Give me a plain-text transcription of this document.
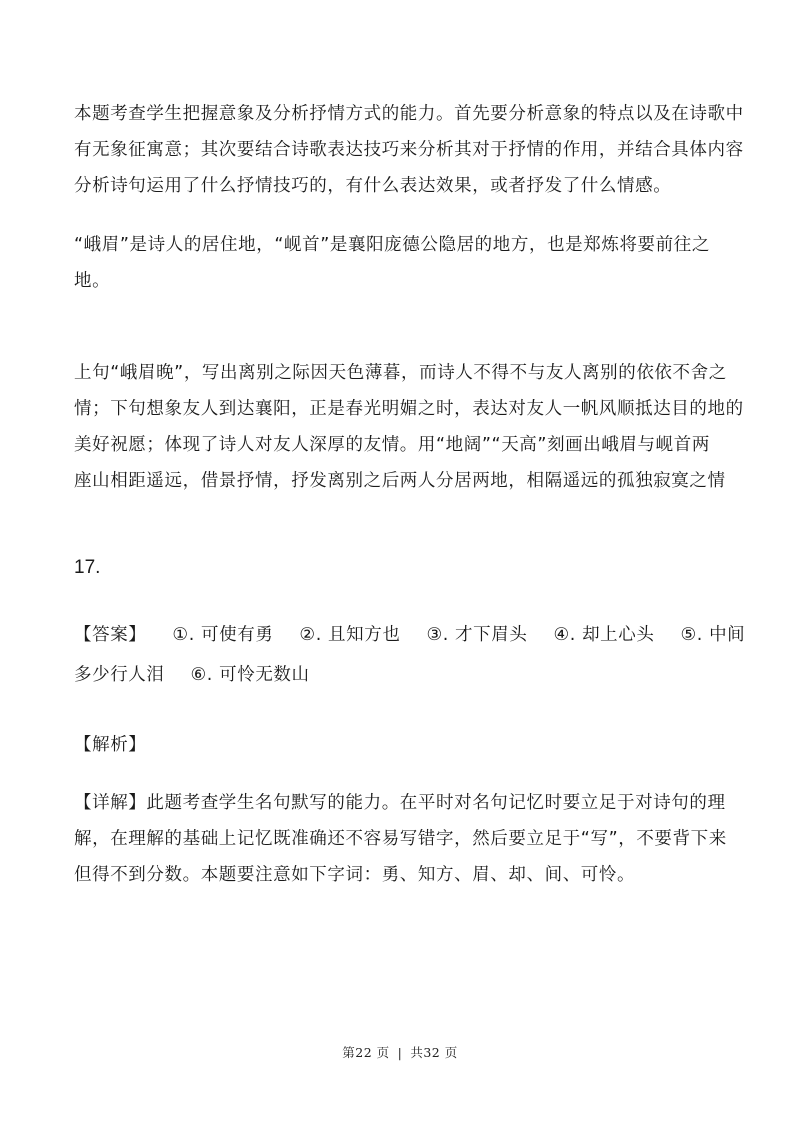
本题考查学生把握意象及分析抒情方式的能力。首先要分析意象的特点以及在诗歌中
有无象征寓意；其次要结合诗歌表达技巧来分析其对于抒情的作用，并结合具体内容
分析诗句运用了什么抒情技巧的，有什么表达效果，或者抒发了什么情感。
“峨眉”是诗人的居住地，“岘首”是襄阳庞德公隐居的地方，也是郑炼将要前往之
地。
上句“峨眉晚”，写出离别之际因天色薄暮，而诗人不得不与友人离别的依依不舍之
情；下句想象友人到达襄阳，正是春光明媚之时，表达对友人一帆风顺抵达目的地的
美好祝愿；体现了诗人对友人深厚的友情。用“地阔”“天高”刻画出峨眉与岘首两
座山相距遥远，借景抒情，抒发离别之后两人分居两地，相隔遥远的孤独寂寞之情
17.
【答案】 ①. 可使有勇 ②. 且知方也 ③. 才下眉头 ④. 却上心头 ⑤. 中间
多少行人泪 ⑥. 可怜无数山
【解析】
【详解】此题考查学生名句默写的能力。在平时对名句记忆时要立足于对诗句的理
解，在理解的基础上记忆既准确还不容易写错字，然后要立足于“写”，不要背下来
但得不到分数。本题要注意如下字词：勇、知方、眉、却、间、可怜。
第22 页 | 共32 页
